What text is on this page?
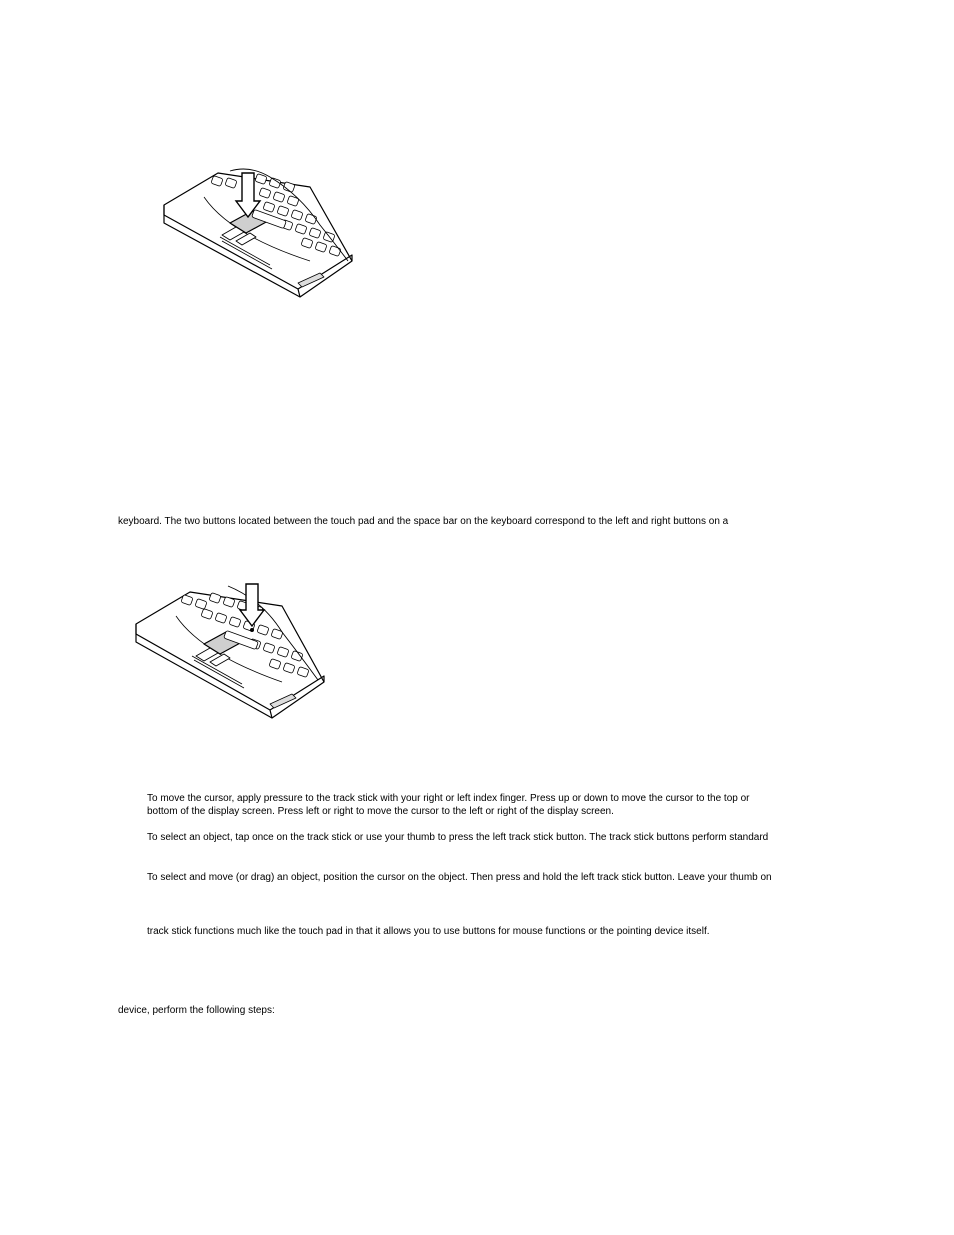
keyboard. The two buttons located between the touch pad and the space bar on the keyboard correspond to the left and right buttons on a

To move the cursor, apply pressure to the track stick with your right or left index finger. Press up or down to move the cursor to the top or

bottom of the display screen. Press left or right to move the cursor to the left or right of the display screen.

To select an object, tap once on the track stick or use your thumb to press the left track stick button. The track stick buttons perform standard

To select and move (or drag) an object, position the cursor on the object. Then press and hold the left track stick button. Leave your thumb on

track stick functions much like the touch pad in that it allows you to use buttons for mouse functions or the pointing device itself.

device, perform the following steps:
